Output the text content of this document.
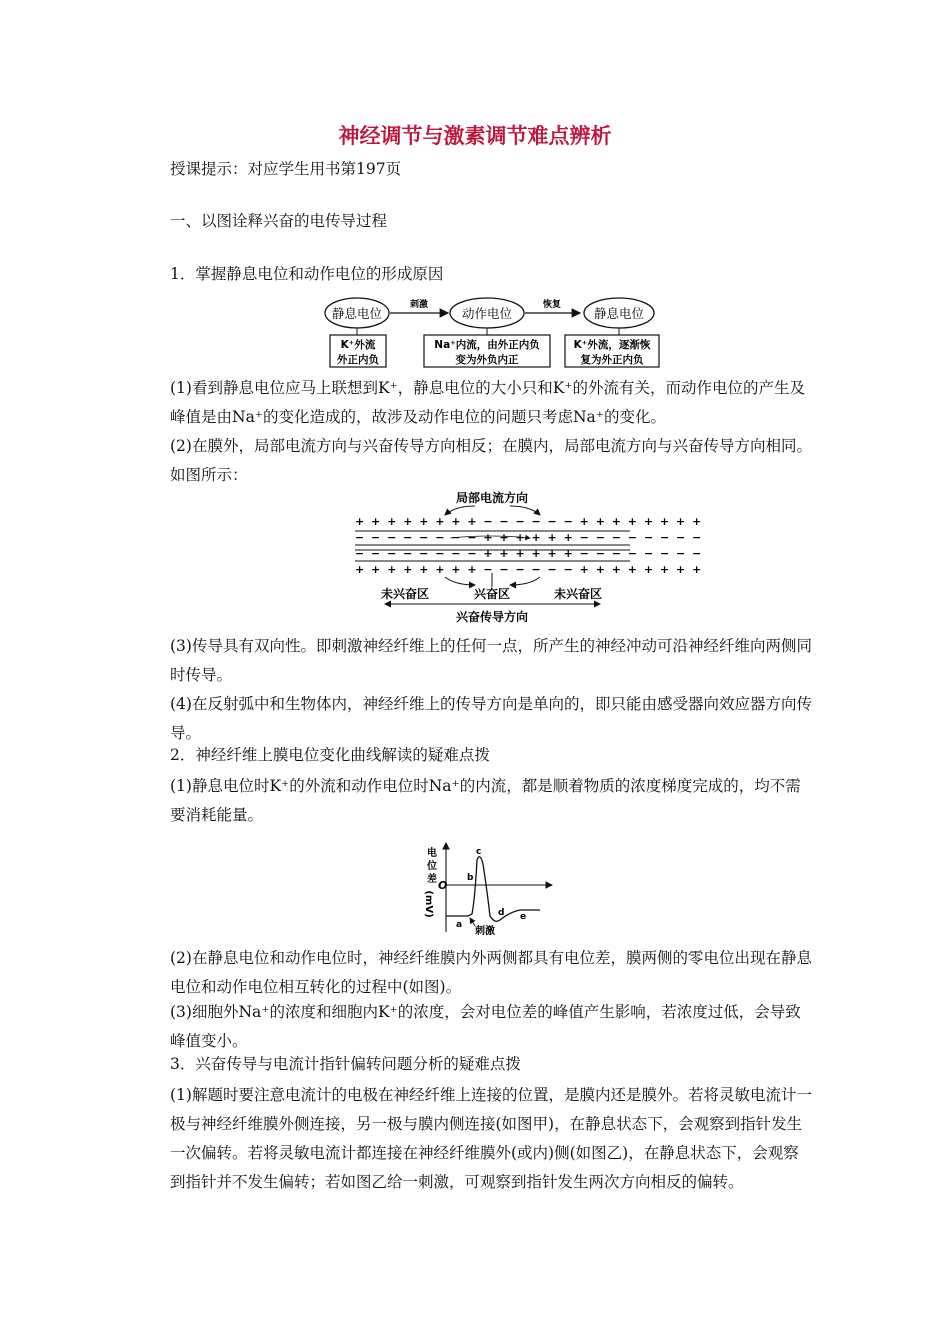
神经调节与激素调节难点辨析
授课提示：对应学生用书第197页
一、以图诠释兴奋的电传导过程
1．掌握静息电位和动作电位的形成原因
静息电位
刺激
动作电位
恢复
静息电位
K⁺外流
外正内负
Na⁺内流，由外正内负
变为外负内正
K⁺外流，逐渐恢
复为外正内负
(1)看到静息电位应马上联想到K⁺，静息电位的大小只和K⁺的外流有关，而动作电位的产生及峰值是由Na⁺的变化造成的，故涉及动作电位的问题只考虑Na⁺的变化。
(2)在膜外，局部电流方向与兴奋传导方向相反；在膜内，局部电流方向与兴奋传导方向相同。如图所示：
局部电流方向
+ + + + + + + + − − − − − − + + + + + + + +
− − − − − − − − + + + + + + − − − − − − − −
− − − − − − − − + + + + + + − − − − − − − −
+ + + + + + + + − − − − − − + + + + + + + +
未兴奋区	兴奋区	未兴奋区
兴奋传导方向
(3)传导具有双向性。即刺激神经纤维上的任何一点，所产生的神经冲动可沿神经纤维向两侧同时传导。
(4)在反射弧中和生物体内，神经纤维上的传导方向是单向的，即只能由感受器向效应器方向传导。
2．神经纤维上膜电位变化曲线解读的疑难点拨
(1)静息电位时K⁺的外流和动作电位时Na⁺的内流，都是顺着物质的浓度梯度完成的，均不需要消耗能量。
电
位
差
(mV)
O
a
b
c
d e
刺激
(2)在静息电位和动作电位时，神经纤维膜内外两侧都具有电位差，膜两侧的零电位出现在静息电位和动作电位相互转化的过程中(如图)。
(3)细胞外Na⁺的浓度和细胞内K⁺的浓度，会对电位差的峰值产生影响，若浓度过低，会导致峰值变小。
3．兴奋传导与电流计指针偏转问题分析的疑难点拨
(1)解题时要注意电流计的电极在神经纤维上连接的位置，是膜内还是膜外。若将灵敏电流计一极与神经纤维膜外侧连接，另一极与膜内侧连接(如图甲)，在静息状态下，会观察到指针发生一次偏转。若将灵敏电流计都连接在神经纤维膜外(或内)侧(如图乙)，在静息状态下，会观察到指针并不发生偏转；若如图乙给一刺激，可观察到指针发生两次方向相反的偏转。
